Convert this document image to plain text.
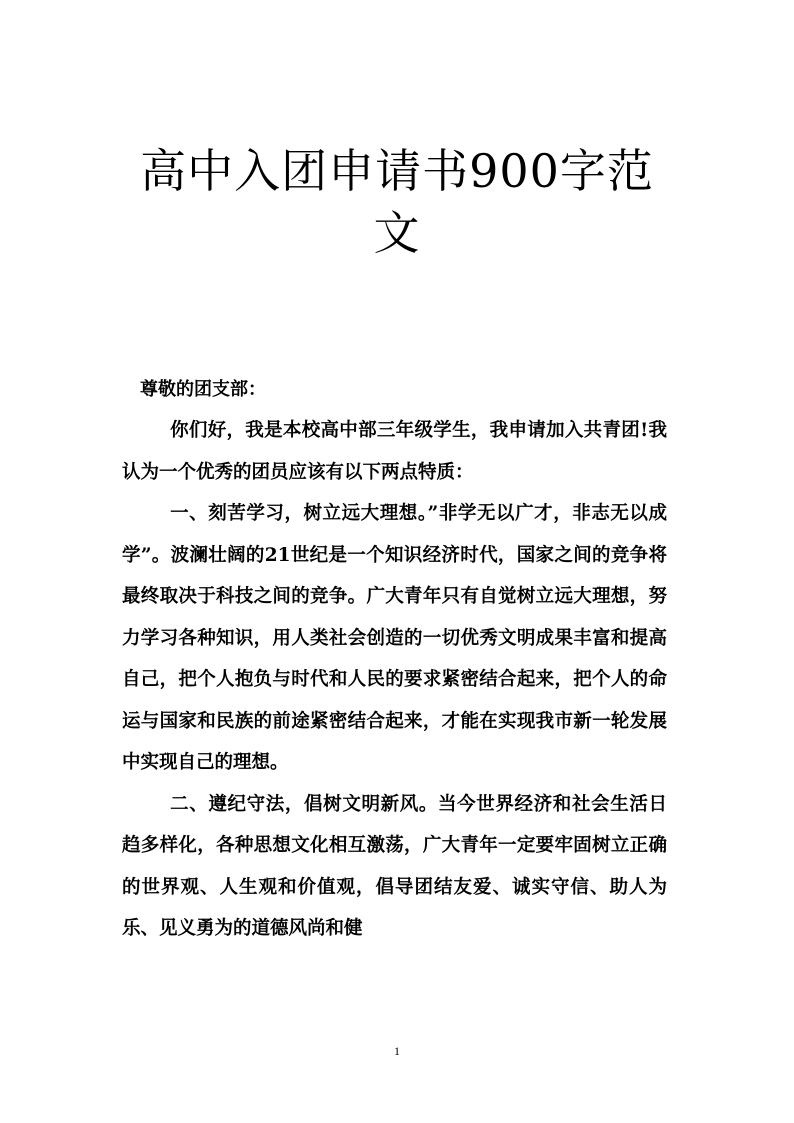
高中入团申请书900字范文
尊敬的团支部：

你们好，我是本校高中部三年级学生，我申请加入共青团!我认为一个优秀的团员应该有以下两点特质：

一、刻苦学习，树立远大理想。”非学无以广才，非志无以成学”。波澜壮阔的21世纪是一个知识经济时代，国家之间的竞争将最终取决于科技之间的竞争。广大青年只有自觉树立远大理想，努力学习各种知识，用人类社会创造的一切优秀文明成果丰富和提高自己，把个人抱负与时代和人民的要求紧密结合起来，把个人的命运与国家和民族的前途紧密结合起来，才能在实现我市新一轮发展中实现自己的理想。

二、遵纪守法，倡树文明新风。当今世界经济和社会生活日趋多样化，各种思想文化相互激荡，广大青年一定要牢固树立正确的世界观、人生观和价值观，倡导团结友爱、诚实守信、助人为乐、见义勇为的道德风尚和健

1
